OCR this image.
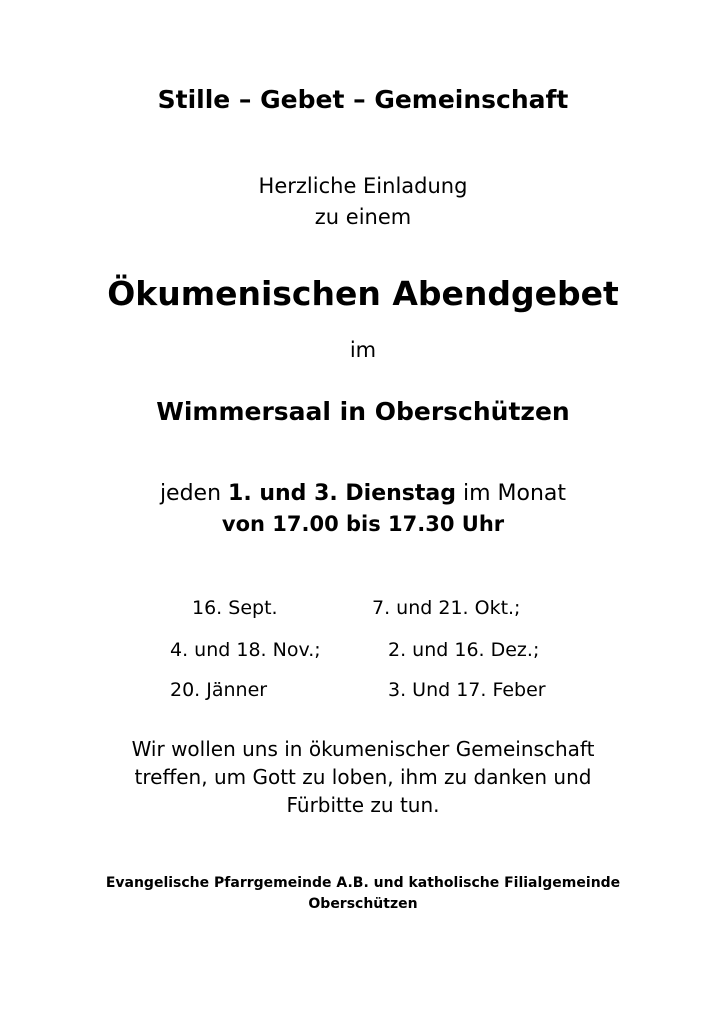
Stille – Gebet – Gemeinschaft
Herzliche Einladung
zu einem
Ökumenischen Abendgebet
im
Wimmersaal in Oberschützen
jeden 1. und 3. Dienstag im Monat
von 17.00 bis 17.30 Uhr
16. Sept.	7. und 21. Okt.;
4. und 18. Nov.;	2. und 16. Dez.;
20. Jänner	3. Und 17. Feber
Wir wollen uns in ökumenischer Gemeinschaft
treffen, um Gott zu loben, ihm zu danken und
Fürbitte zu tun.
Evangelische Pfarrgemeinde A.B. und katholische Filialgemeinde
Oberschützen
